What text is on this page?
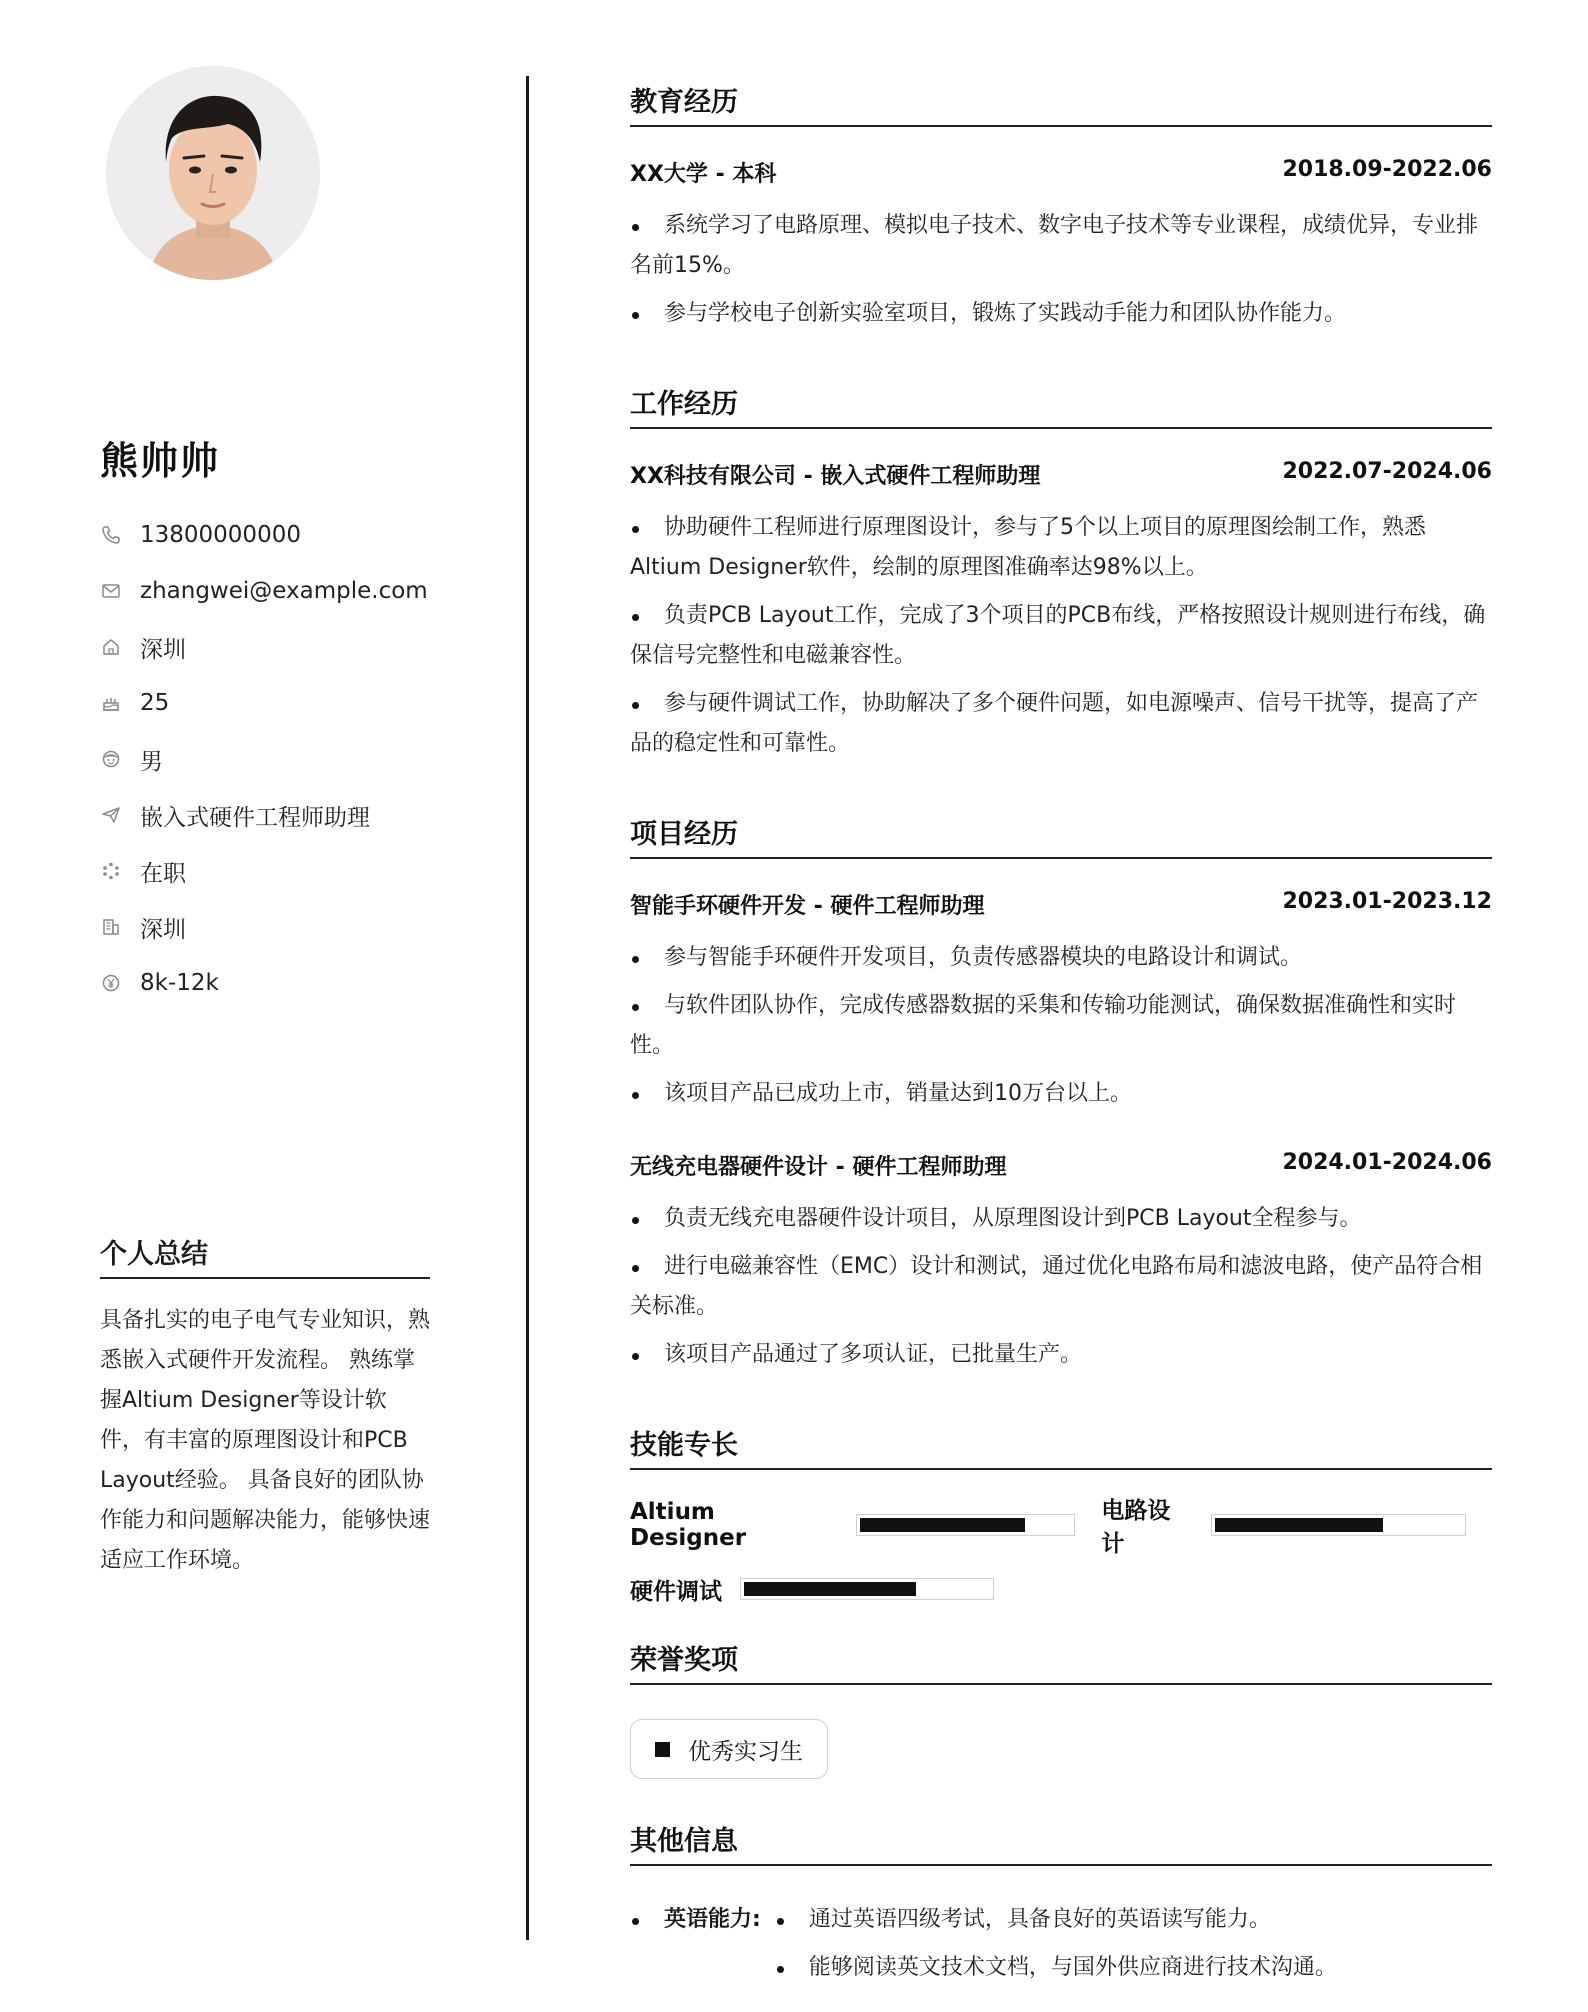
熊帅帅
13800000000
zhangwei@example.com
深圳
25
男
嵌入式硬件工程师助理
在职
深圳
8k-12k
个人总结
具备扎实的电子电气专业知识，熟悉嵌入式硬件开发流程。 熟练掌握Altium Designer等设计软件，有丰富的原理图设计和PCB Layout经验。 具备良好的团队协作能力和问题解决能力，能够快速适应工作环境。
教育经历
XX大学 - 本科	2018.09-2022.06
系统学习了电路原理、模拟电子技术、数字电子技术等专业课程，成绩优异，专业排名前15%。
参与学校电子创新实验室项目，锻炼了实践动手能力和团队协作能力。
工作经历
XX科技有限公司 - 嵌入式硬件工程师助理	2022.07-2024.06
协助硬件工程师进行原理图设计，参与了5个以上项目的原理图绘制工作，熟悉Altium Designer软件，绘制的原理图准确率达98%以上。
负责PCB Layout工作，完成了3个项目的PCB布线，严格按照设计规则进行布线，确保信号完整性和电磁兼容性。
参与硬件调试工作，协助解决了多个硬件问题，如电源噪声、信号干扰等，提高了产品的稳定性和可靠性。
项目经历
智能手环硬件开发 - 硬件工程师助理	2023.01-2023.12
参与智能手环硬件开发项目，负责传感器模块的电路设计和调试。
与软件团队协作，完成传感器数据的采集和传输功能测试，确保数据准确性和实时性。
该项目产品已成功上市，销量达到10万台以上。
无线充电器硬件设计 - 硬件工程师助理	2024.01-2024.06
负责无线充电器硬件设计项目，从原理图设计到PCB Layout全程参与。
进行电磁兼容性（EMC）设计和测试，通过优化电路布局和滤波电路，使产品符合相关标准。
该项目产品通过了多项认证，已批量生产。
技能专长
Altium Designer
电路设计
硬件调试
荣誉奖项
优秀实习生
其他信息
英语能力:	通过英语四级考试，具备良好的英语读写能力。
能够阅读英文技术文档，与国外供应商进行技术沟通。
